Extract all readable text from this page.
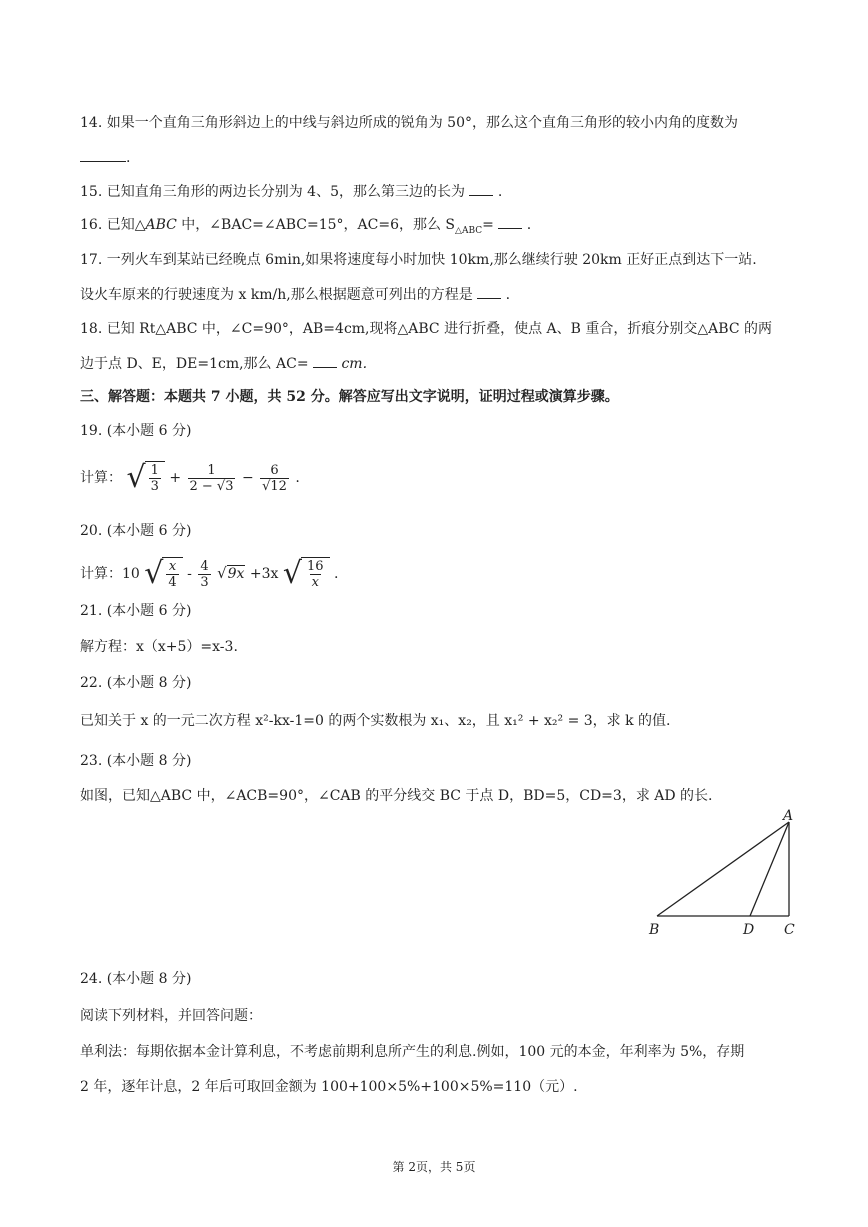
14. 如果一个直角三角形斜边上的中线与斜边所成的锐角为 50°，那么这个直角三角形的较小内角的度数为
.
15. 已知直角三角形的两边长分别为 4、5，那么第三边的长为 .
16. 已知△ABC 中，∠BAC=∠ABC=15°，AC=6，那么 $S_{\triangle ABC}=$ .
17. 一列火车到某站已经晚点 6min,如果将速度每小时加快 10km,那么继续行驶 20km 正好正点到达下一站.
设火车原来的行驶速度为 x km/h,那么根据题意可列出的方程是 .
18. 已知 Rt△ABC 中，∠C=90°，AB=4cm,现将△ABC 进行折叠，使点 A、B 重合，折痕分别交△ABC 的两
边于点 D、E，DE=1cm,那么 AC= cm.
三、解答题：本题共 7 小题，共 52 分。解答应写出文字说明，证明过程或演算步骤。
19. (本小题 6 分)
计算： √ $\frac{1}{3} + \frac{1}{2 - √3} - \frac{6}{√12}$ .
20. (本小题 6 分)
计算：10 √ $\frac{x}{4} - \frac{4}{3} √9x +3x$ √ $\frac{16}{x}$ .
21. (本小题 6 分)
解方程：x（x+5）=x-3.
22. (本小题 8 分)
已知关于 x 的一元二次方程 x²-kx-1=0 的两个实数根为 x₁、x₂，且 x₁² + x₂² = 3，求 k 的值.
23. (本小题 8 分)
如图，已知△ABC 中，∠ACB=90°，∠CAB 的平分线交 BC 于点 D，BD=5，CD=3，求 AD 的长.
A
B	D C
24. (本小题 8 分)
阅读下列材料，并回答问题：
单利法：每期依据本金计算利息，不考虑前期利息所产生的利息.例如，100 元的本金，年利率为 5%，存期
2 年，逐年计息，2 年后可取回金额为 100+100×5%+100×5%=110（元）.
第 2页，共 5页
